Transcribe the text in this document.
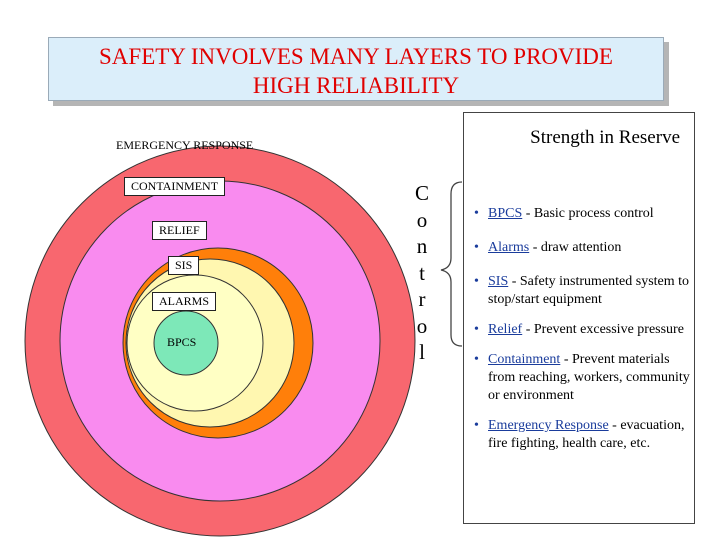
SAFETY INVOLVES MANY LAYERS TO PROVIDE
HIGH RELIABILITY
EMERGENCY RESPONSE
CONTAINMENT
RELIEF
SIS
ALARMS
BPCS
C
o
n
t
r
o
l
Strength in Reserve
• BPCS - Basic process control
• Alarms - draw attention
• SIS - Safety instrumented system to stop/start equipment
• Relief - Prevent excessive pressure
• Containment - Prevent materials from reaching, workers, community or environment
• Emergency Response - evacuation, fire fighting, health care, etc.
